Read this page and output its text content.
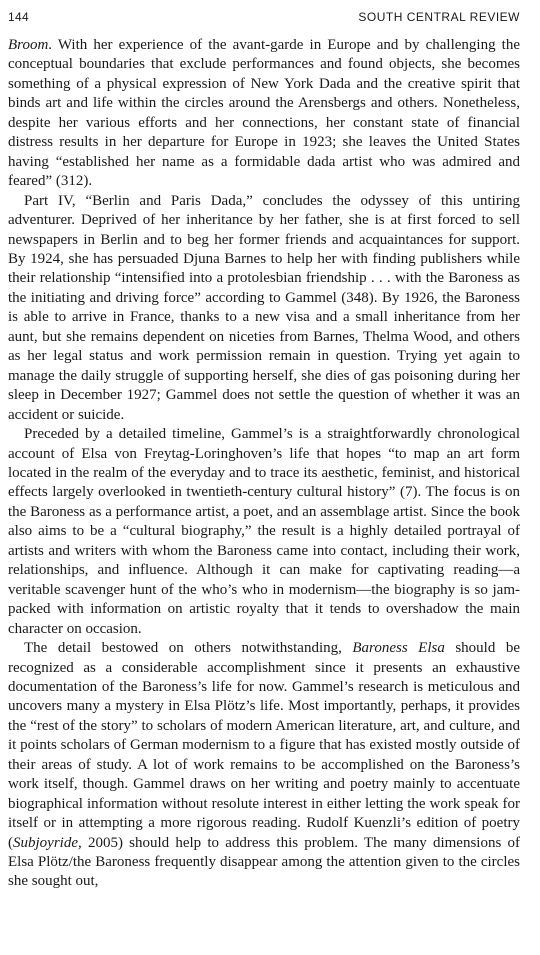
144	SOUTH CENTRAL REVIEW

Broom. With her experience of the avant-garde in Europe and by challenging the conceptual boundaries that exclude performances and found objects, she becomes something of a physical expression of New York Dada and the creative spirit that binds art and life within the circles around the Arensbergs and others. Nonetheless, despite her various efforts and her connections, her constant state of financial distress results in her departure for Europe in 1923; she leaves the United States having “established her name as a formidable dada artist who was admired and feared” (312).

Part IV, “Berlin and Paris Dada,” concludes the odyssey of this untiring adventurer. Deprived of her inheritance by her father, she is at first forced to sell newspapers in Berlin and to beg her former friends and acquaintances for support. By 1924, she has persuaded Djuna Barnes to help her with finding publishers while their relationship “intensified into a protolesbian friendship . . . with the Baroness as the initiating and driving force” according to Gammel (348). By 1926, the Baroness is able to arrive in France, thanks to a new visa and a small inheritance from her aunt, but she remains dependent on niceties from Barnes, Thelma Wood, and others as her legal status and work permission remain in question. Trying yet again to manage the daily struggle of supporting herself, she dies of gas poisoning during her sleep in December 1927; Gammel does not settle the question of whether it was an accident or suicide.

Preceded by a detailed timeline, Gammel’s is a straightforwardly chronological account of Elsa von Freytag-Loringhoven’s life that hopes “to map an art form located in the realm of the everyday and to trace its aesthetic, feminist, and historical effects largely overlooked in twentieth-century cultural history” (7). The focus is on the Baroness as a performance artist, a poet, and an assemblage artist. Since the book also aims to be a “cultural biography,” the result is a highly detailed portrayal of artists and writers with whom the Baroness came into contact, including their work, relationships, and influence. Although it can make for captivating reading—a veritable scavenger hunt of the who’s who in modernism—the biography is so jam-packed with information on artistic royalty that it tends to overshadow the main character on occasion.

The detail bestowed on others notwithstanding, Baroness Elsa should be recognized as a considerable accomplishment since it presents an exhaustive documentation of the Baroness’s life for now. Gammel’s research is meticulous and uncovers many a mystery in Elsa Plötz’s life. Most importantly, perhaps, it provides the “rest of the story” to scholars of modern American literature, art, and culture, and it points scholars of German modernism to a figure that has existed mostly outside of their areas of study. A lot of work remains to be accomplished on the Baroness’s work itself, though. Gammel draws on her writing and poetry mainly to accentuate biographical information without resolute interest in either letting the work speak for itself or in attempting a more rigorous reading. Rudolf Kuenzli’s edition of poetry (Subjoyride, 2005) should help to address this problem. The many dimensions of Elsa Plötz/the Baroness frequently disappear among the attention given to the circles she sought out,
